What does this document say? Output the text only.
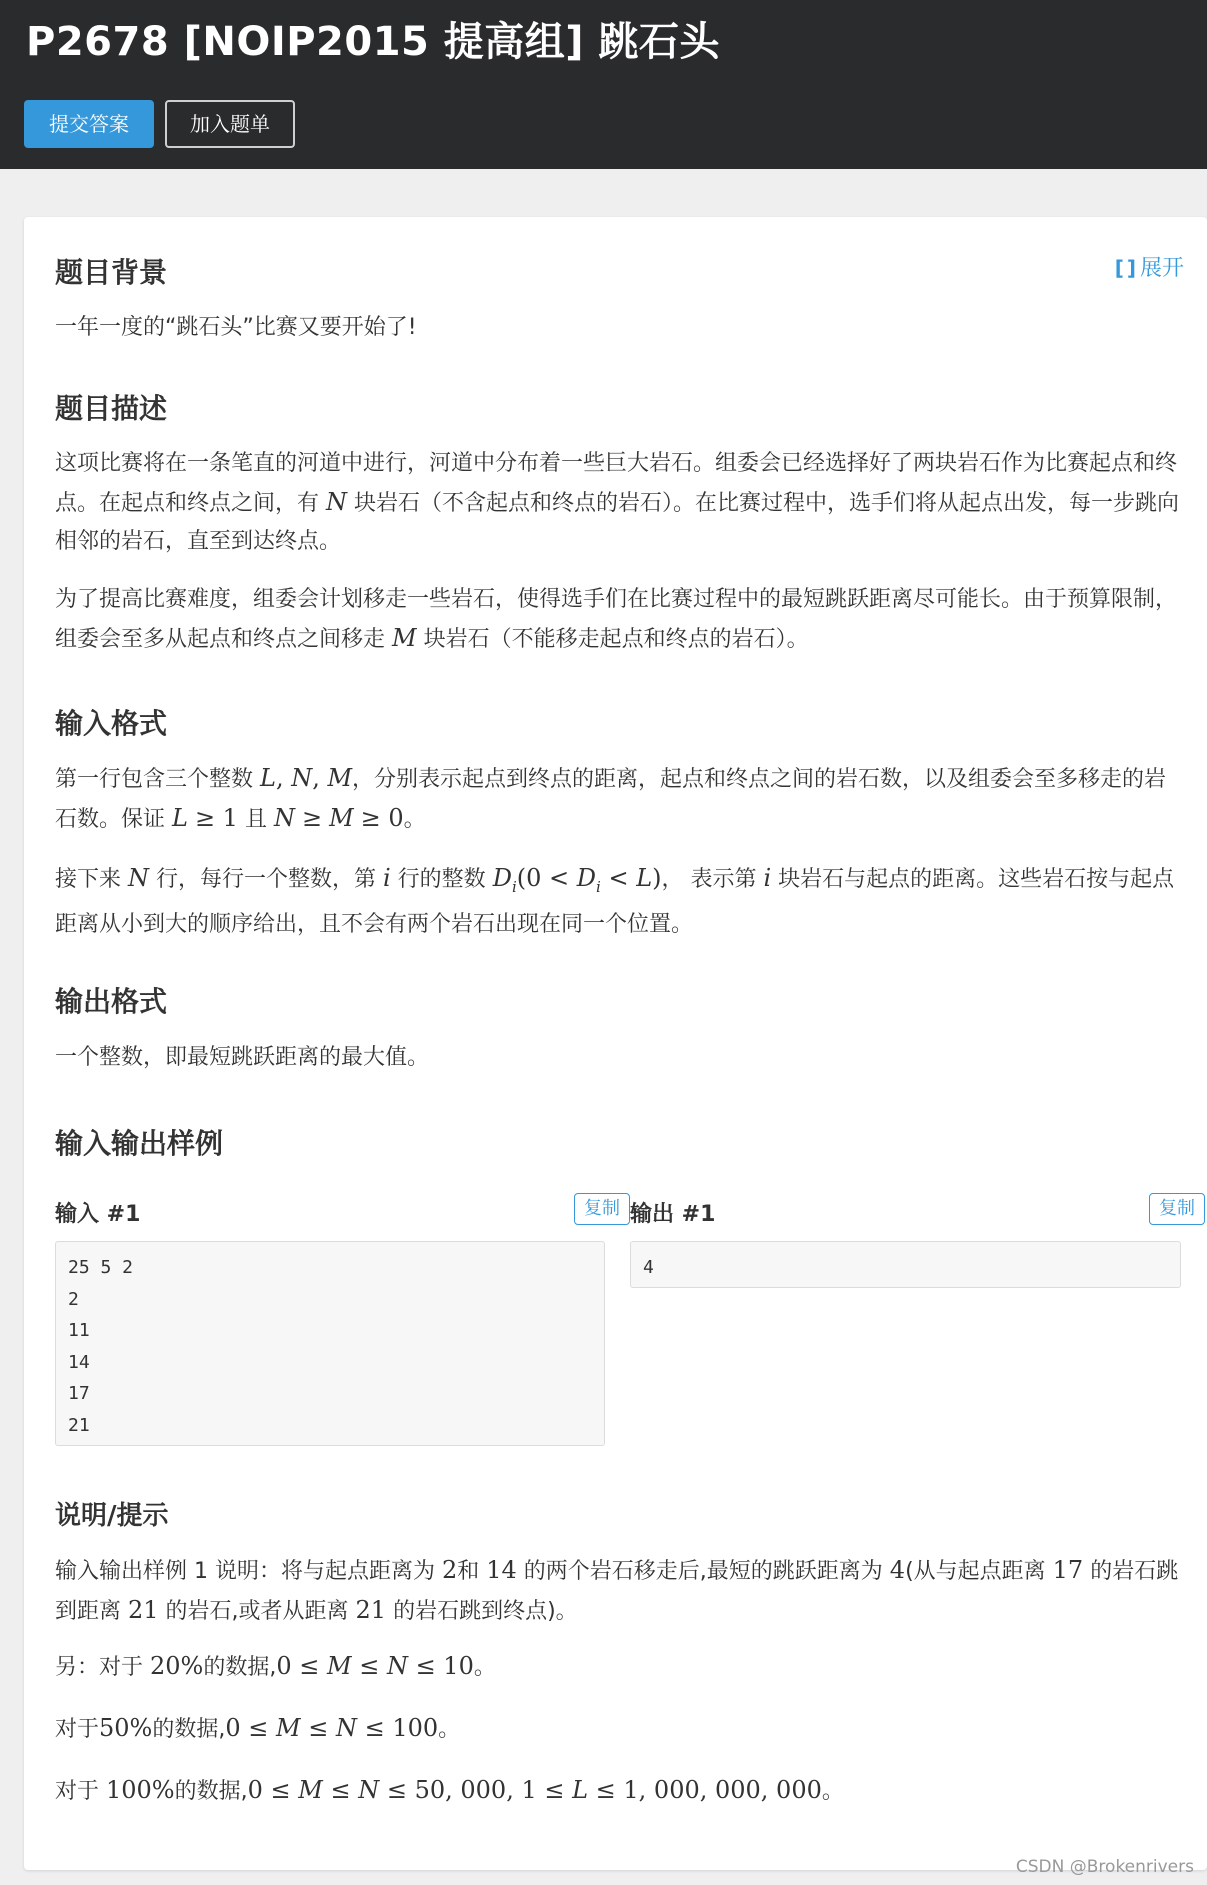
P2678 [NOIP2015 提高组] 跳石头
提交答案	加入题单
[ ] 展开
题目背景

一年一度的“跳石头”比赛又要开始了!

题目描述

这项比赛将在一条笔直的河道中进行，河道中分布着一些巨大岩石。组委会已经选择好了两块岩石作为比赛起点和终点。在起点和终点之间，有 N 块岩石（不含起点和终点的岩石）。在比赛过程中，选手们将从起点出发，每一步跳向相邻的岩石，直至到达终点。

为了提高比赛难度，组委会计划移走一些岩石，使得选手们在比赛过程中的最短跳跃距离尽可能长。由于预算限制，组委会至多从起点和终点之间移走 M 块岩石（不能移走起点和终点的岩石）。

输入格式

第一行包含三个整数 L, N, M，分别表示起点到终点的距离，起点和终点之间的岩石数，以及组委会至多移走的岩石数。保证 L ≥ 1 且 N ≥ M ≥ 0。

接下来 N 行，每行一个整数，第 i 行的整数 $D_i(0 < D_i < L)$， 表示第 i 块岩石与起点的距离。这些岩石按与起点距离从小到大的顺序给出，且不会有两个岩石出现在同一个位置。

输出格式

一个整数，即最短跳跃距离的最大值。

输入输出样例
输入 #1	复制
25 5 2
2
11
14
17
21
输出 #1	复制
4
说明/提示

输入输出样例 1 说明：将与起点距离为 2和 14 的两个岩石移走后,最短的跳跃距离为 4(从与起点距离 17 的岩石跳到距离 21 的岩石,或者从距离 21 的岩石跳到终点)。

另：对于 20%的数据,0 ≤ M ≤ N ≤ 10。

对于50%的数据,0 ≤ M ≤ N ≤ 100。

对于 100%的数据,0 ≤ M ≤ N ≤ 50, 000, 1 ≤ L ≤ 1, 000, 000, 000。

CSDN @Brokenrivers
